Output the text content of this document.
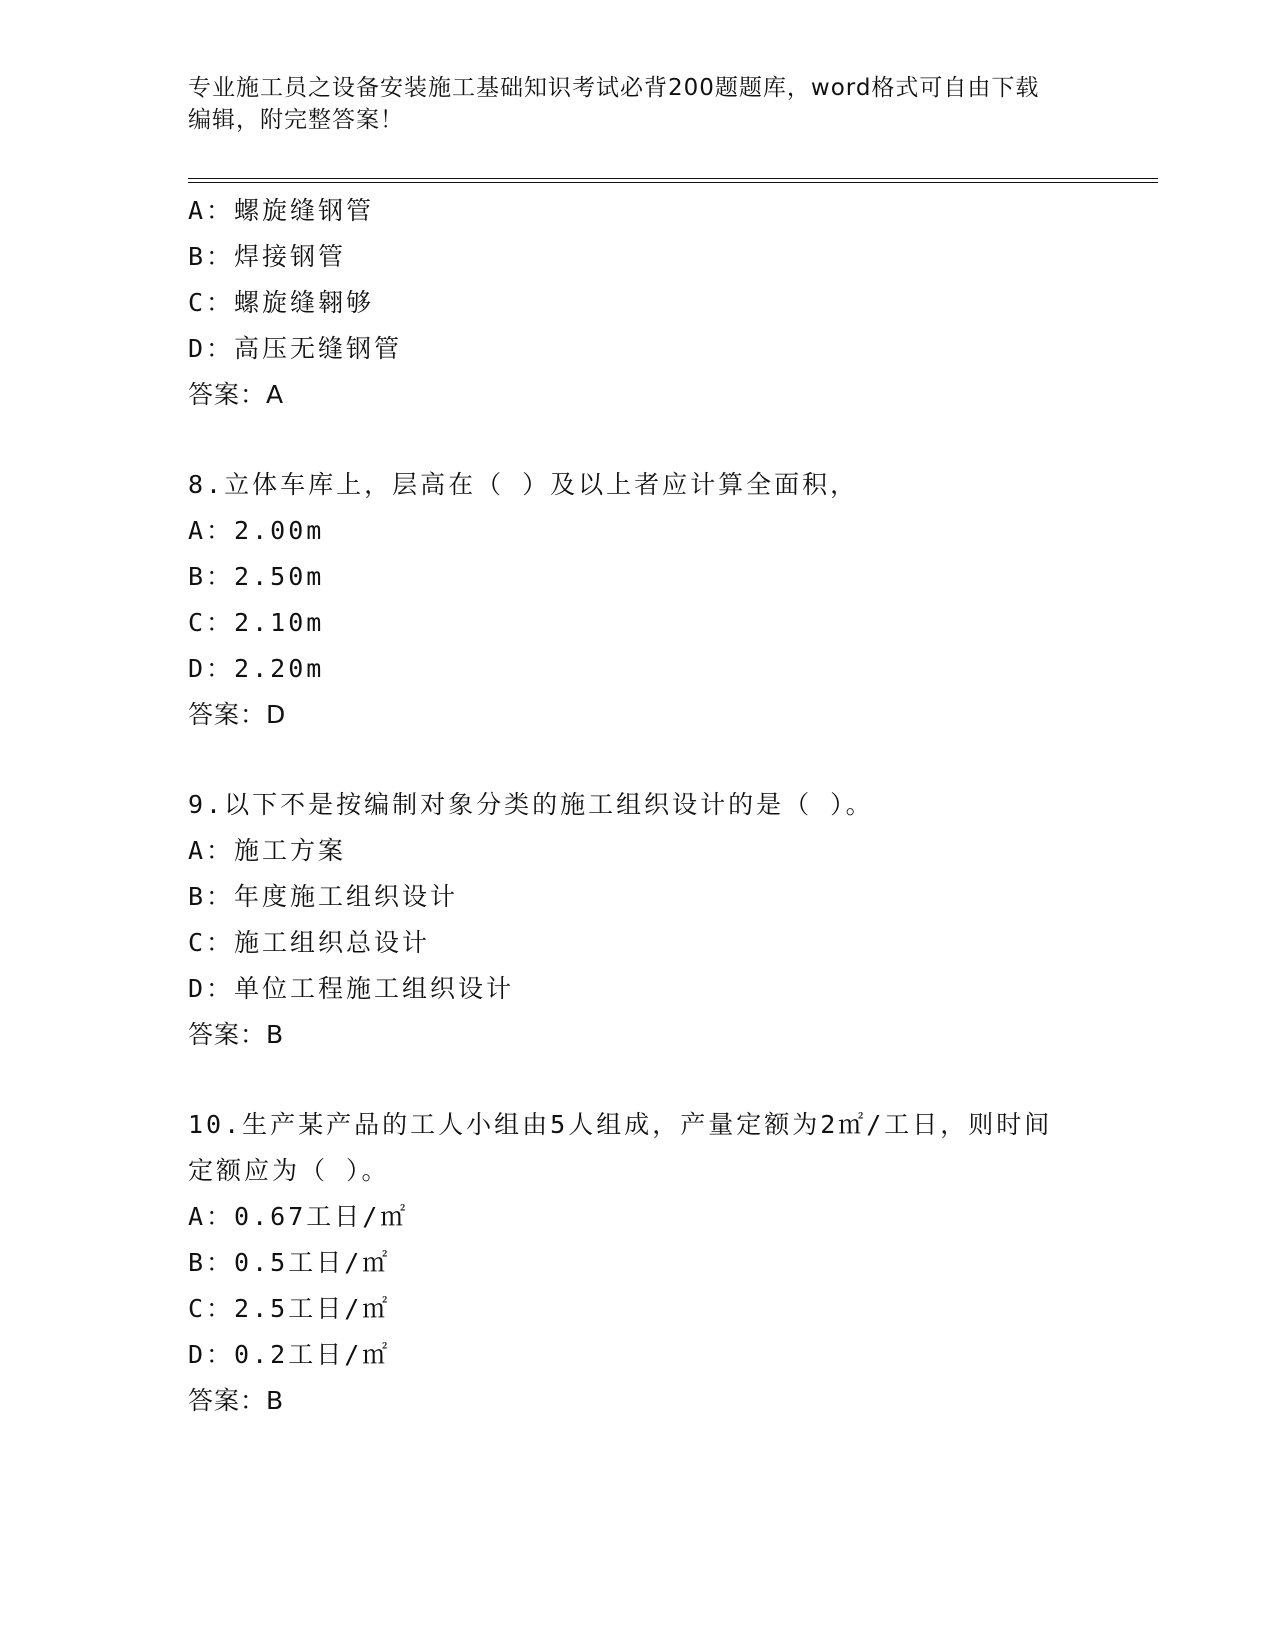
专业施工员之设备安装施工基础知识考试必背200题题库，word格式可自由下载
编辑，附完整答案！
A：螺旋缝钢管
B：焊接钢管
C：螺旋缝翱够
D：高压无缝钢管
答案：A
8.立体车库上，层高在（ ）及以上者应计算全面积，
A：2.00m
B：2.50m
C：2.10m
D：2.20m
答案：D
9.以下不是按编制对象分类的施工组织设计的是（ ）。
A：施工方案
B：年度施工组织设计
C：施工组织总设计
D：单位工程施工组织设计
答案：B
10.生产某产品的工人小组由5人组成，产量定额为2㎡/工日，则时间
定额应为（ ）。
A：0.67工日/㎡
B：0.5工日/㎡
C：2.5工日/㎡
D：0.2工日/㎡
答案：B
